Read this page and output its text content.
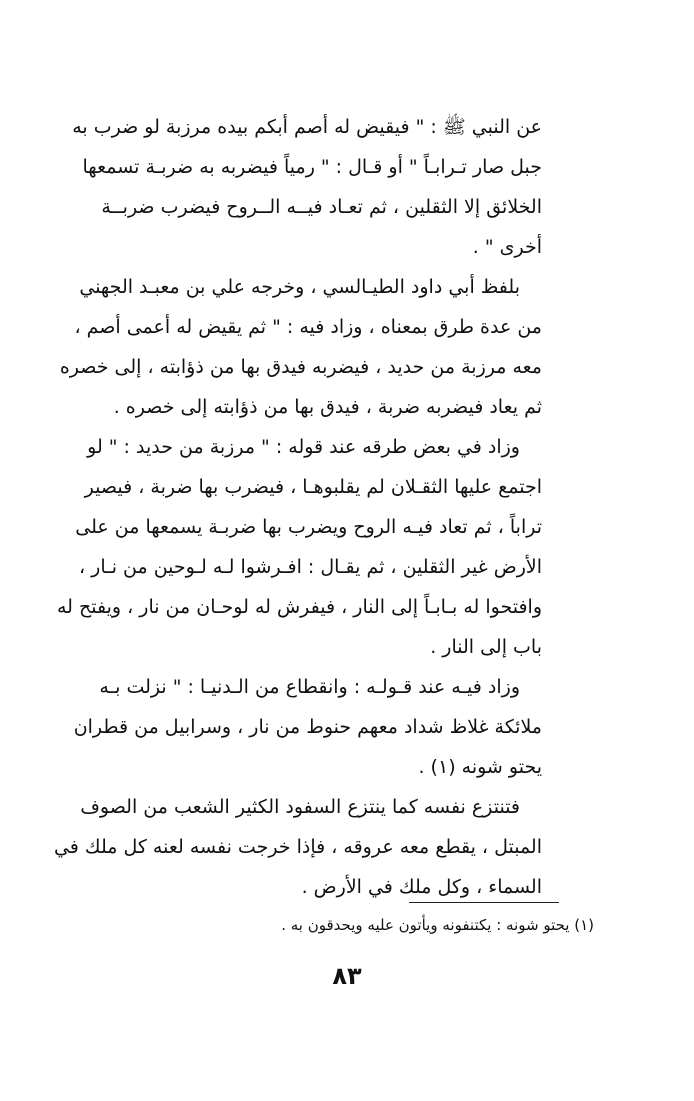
عن النبي ﷺ : " فيقيض له أصم أبكم بيده مرزبة لو ضرب به
جبل صار تـرابـاً " أو قـال : " رمياً فيضربه به ضربـة تسمعها
الخلائق إلا الثقلين ، ثم تعـاد فيــه الــروح فيضرب ضربــة
أخرى " .
بلفظ أبي داود الطيـالسي ، وخرجه علي بن معبـد الجهني
من عدة طرق بمعناه ، وزاد فيه : " ثم يقيض له أعمى أصم ،
معه مرزبة من حديد ، فيضربه فيدق بها من ذؤابته ، إلى خصره
ثم يعاد فيضربه ضربة ، فيدق بها من ذؤابته إلى خصره .
وزاد في بعض طرقه عند قوله : " مرزبة من حديد : " لو
اجتمع عليها الثقـلان لم يقلبوهـا ، فيضرب بها ضربة ، فيصير
تراباً ، ثم تعاد فيـه الروح ويضرب بها ضربـة يسمعها من على
الأرض غير الثقلين ، ثم يقـال : افـرشوا لـه لـوحين من نـار ،
وافتحوا له بـابـاً إلى النار ، فيفرش له لوحـان من نار ، ويفتح له
باب إلى النار .
وزاد فيـه عند قـولـه : وانقطاع من الـدنيـا : " نزلت بـه
ملائكة غلاظ شداد معهم حنوط من نار ، وسرابيل من قطران
يحتو شونه (١) .
فتنتزع نفسه كما ينتزع السفود الكثير الشعب من الصوف
المبتل ، يقطع معه عروقه ، فإذا خرجت نفسه لعنه كل ملك في
السماء ، وكل ملك في الأرض .
(١) يحتو شونه : يكتنفونه ويأتون عليه ويحدقون به .
٨٣
